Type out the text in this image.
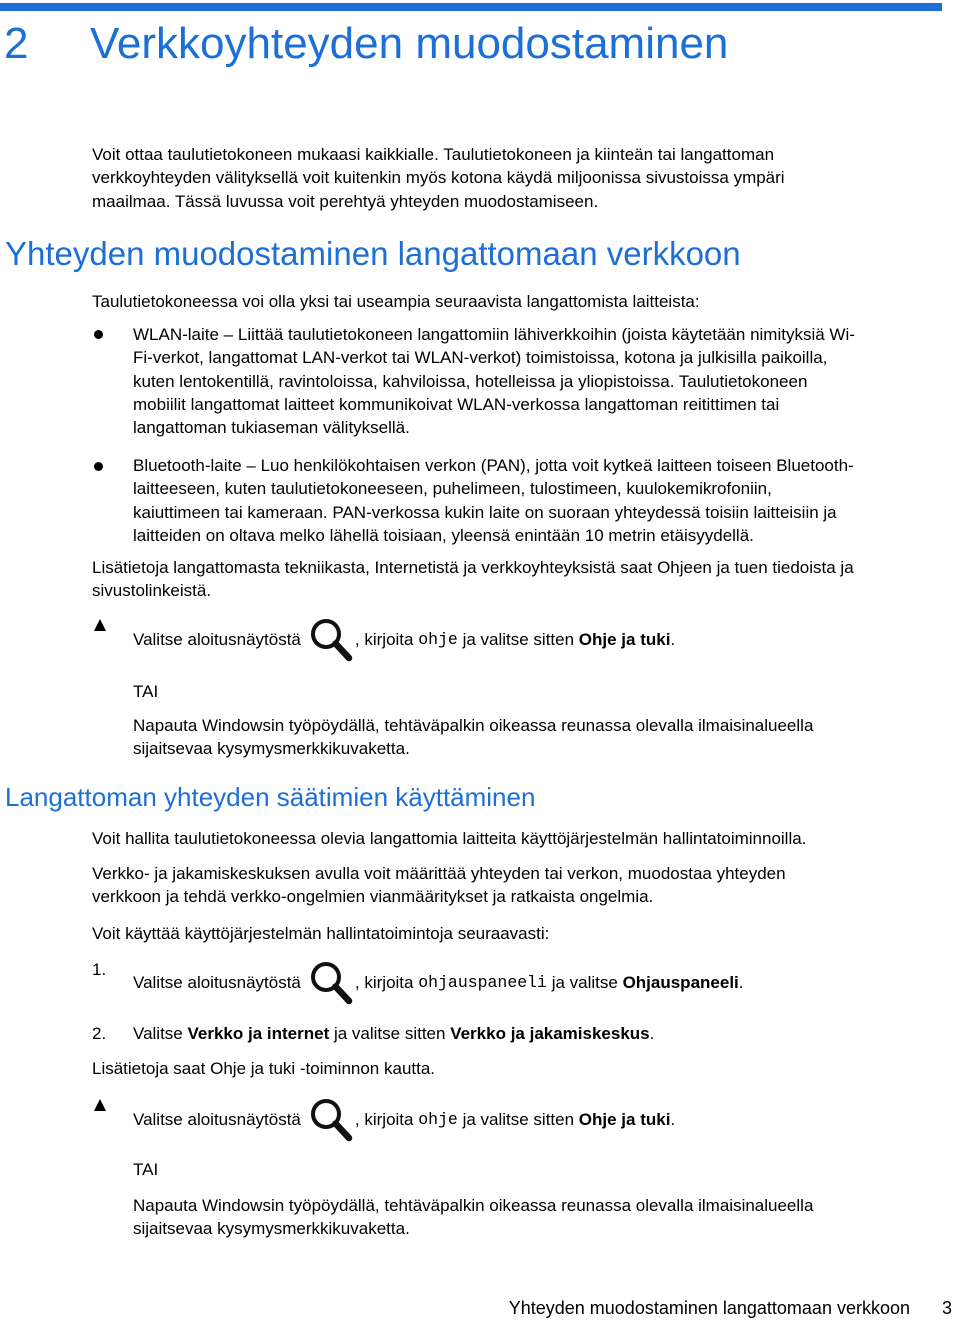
2 Verkkoyhteyden muodostaminen
Voit ottaa taulutietokoneen mukaasi kaikkialle. Taulutietokoneen ja kiinteän tai langattoman
verkkoyhteyden välityksellä voit kuitenkin myös kotona käydä miljoonissa sivustoissa ympäri
maailmaa. Tässä luvussa voit perehtyä yhteyden muodostamiseen.
Yhteyden muodostaminen langattomaan verkkoon
Taulutietokoneessa voi olla yksi tai useampia seuraavista langattomista laitteista:
WLAN-laite – Liittää taulutietokoneen langattomiin lähiverkkoihin (joista käytetään nimityksiä Wi-
Fi-verkot, langattomat LAN-verkot tai WLAN-verkot) toimistoissa, kotona ja julkisilla paikoilla,
kuten lentokentillä, ravintoloissa, kahviloissa, hotelleissa ja yliopistoissa. Taulutietokoneen
mobiilit langattomat laitteet kommunikoivat WLAN-verkossa langattoman reitittimen tai
langattoman tukiaseman välityksellä.
Bluetooth-laite – Luo henkilökohtaisen verkon (PAN), jotta voit kytkeä laitteen toiseen Bluetooth-
laitteeseen, kuten taulutietokoneeseen, puhelimeen, tulostimeen, kuulokemikrofoniin,
kaiuttimeen tai kameraan. PAN-verkossa kukin laite on suoraan yhteydessä toisiin laitteisiin ja
laitteiden on oltava melko lähellä toisiaan, yleensä enintään 10 metrin etäisyydellä.
Lisätietoja langattomasta tekniikasta, Internetistä ja verkkoyhteyksistä saat Ohjeen ja tuen tiedoista ja
sivustolinkeistä.
Valitse aloitusnäytöstä	, kirjoita
ohje
ja valitse sitten
Ohje ja tuki .
TAI
Napauta Windowsin työpöydällä, tehtäväpalkin oikeassa reunassa olevalla ilmaisinalueella
sijaitsevaa kysymysmerkkikuvaketta.
Langattoman yhteyden säätimien käyttäminen
Voit hallita taulutietokoneessa olevia langattomia laitteita käyttöjärjestelmän hallintatoiminnoilla.
Verkko- ja jakamiskeskuksen avulla voit määrittää yhteyden tai verkon, muodostaa yhteyden
verkkoon ja tehdä verkko-ongelmien vianmääritykset ja ratkaista ongelmia.
Voit käyttää käyttöjärjestelmän hallintatoimintoja seuraavasti:
1.
Valitse aloitusnäytöstä	, kirjoita
ohjauspaneeli
ja valitse
Ohjauspaneeli .
2. Valitse
Verkko ja internet
ja valitse sitten
Verkko ja jakamiskeskus .
Lisätietoja saat Ohje ja tuki -toiminnon kautta.
Valitse aloitusnäytöstä	, kirjoita
ohje
ja valitse sitten
Ohje ja tuki .
TAI
Napauta Windowsin työpöydällä, tehtäväpalkin oikeassa reunassa olevalla ilmaisinalueella
sijaitsevaa kysymysmerkkikuvaketta.
Yhteyden muodostaminen langattomaan verkkoon 3
